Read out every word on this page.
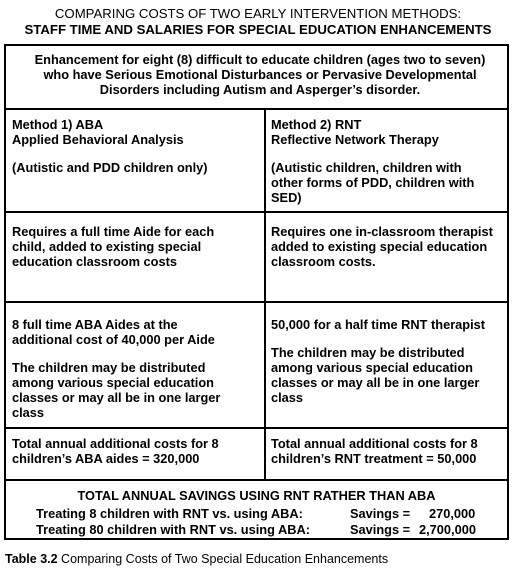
COMPARING COSTS OF TWO EARLY INTERVENTION METHODS:
STAFF TIME AND SALARIES FOR SPECIAL EDUCATION ENHANCEMENTS
Enhancement for eight (8) difficult to educate children (ages two to seven)
who have Serious Emotional Disturbances or Pervasive Developmental
Disorders including Autism and Asperger’s disorder.
Method 1) ABA
Applied Behavioral Analysis
(Autistic and PDD children only)
Method 2) RNT
Reflective Network Therapy
(Autistic children, children with
other forms of PDD, children with
SED)
Requires a full time Aide for each
child, added to existing special
education classroom costs
Requires one in-classroom therapist
added to existing special education
classroom costs.
8 full time ABA Aides at the
additional cost of 40,000 per Aide
The children may be distributed
among various special education
classes or may all be in one larger
class
50,000 for a half time RNT therapist
The children may be distributed
among various special education
classes or may all be in one larger
class
Total annual additional costs for 8
children’s ABA aides = 320,000
Total annual additional costs for 8
children’s RNT treatment = 50,000
TOTAL ANNUAL SAVINGS USING RNT RATHER THAN ABA
Treating 8 children with RNT vs. using ABA:	Savings = 270,000
Treating 80 children with RNT vs. using ABA:	Savings = 2,700,000
Table 3.2 Comparing Costs of Two Special Education Enhancements
